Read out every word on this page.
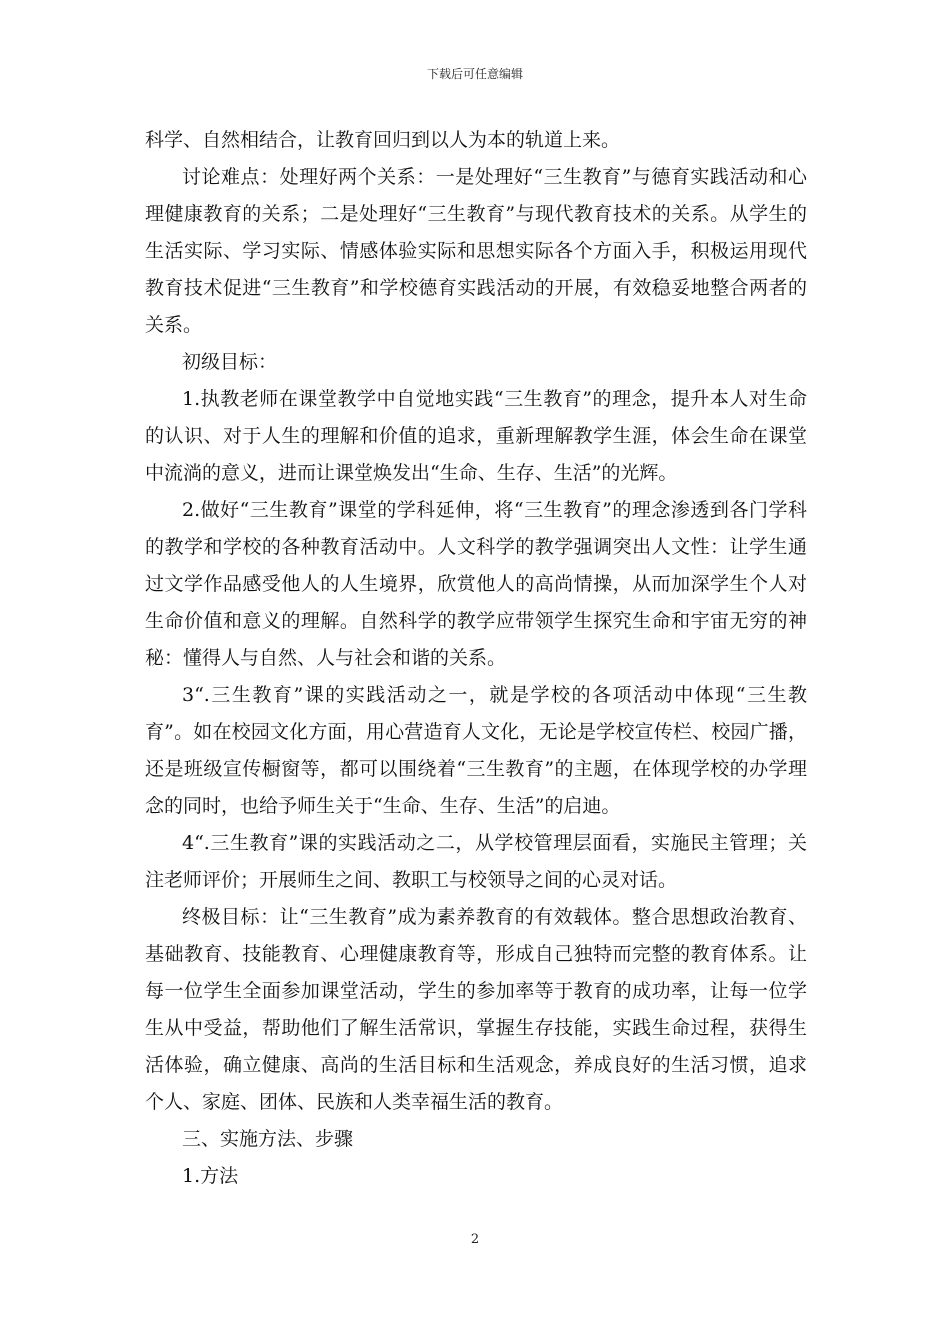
下载后可任意编辑

科学、自然相结合，让教育回归到以人为本的轨道上来。

讨论难点：处理好两个关系：一是处理好“三生教育”与德育实践活动和心理健康教育的关系；二是处理好“三生教育”与现代教育技术的关系。从学生的生活实际、学习实际、情感体验实际和思想实际各个方面入手，积极运用现代教育技术促进“三生教育”和学校德育实践活动的开展，有效稳妥地整合两者的关系。

初级目标：

1.执教老师在课堂教学中自觉地实践“三生教育”的理念，提升本人对生命的认识、对于人生的理解和价值的追求，重新理解教学生涯，体会生命在课堂中流淌的意义，进而让课堂焕发出“生命、生存、生活”的光辉。

2.做好“三生教育”课堂的学科延伸，将“三生教育”的理念渗透到各门学科的教学和学校的各种教育活动中。人文科学的教学强调突出人文性：让学生通过文学作品感受他人的人生境界，欣赏他人的高尚情操，从而加深学生个人对生命价值和意义的理解。自然科学的教学应带领学生探究生命和宇宙无穷的神秘：懂得人与自然、人与社会和谐的关系。

3“.三生教育”课的实践活动之一，就是学校的各项活动中体现“三生教育”。如在校园文化方面，用心营造育人文化，无论是学校宣传栏、校园广播，还是班级宣传橱窗等，都可以围绕着“三生教育”的主题，在体现学校的办学理念的同时，也给予师生关于“生命、生存、生活”的启迪。

4“.三生教育”课的实践活动之二，从学校管理层面看，实施民主管理；关注老师评价；开展师生之间、教职工与校领导之间的心灵对话。

终极目标：让“三生教育”成为素养教育的有效载体。整合思想政治教育、基础教育、技能教育、心理健康教育等，形成自己独特而完整的教育体系。让每一位学生全面参加课堂活动，学生的参加率等于教育的成功率，让每一位学生从中受益，帮助他们了解生活常识，掌握生存技能，实践生命过程，获得生活体验，确立健康、高尚的生活目标和生活观念，养成良好的生活习惯，追求个人、家庭、团体、民族和人类幸福生活的教育。

三、实施方法、步骤

1.方法

2
